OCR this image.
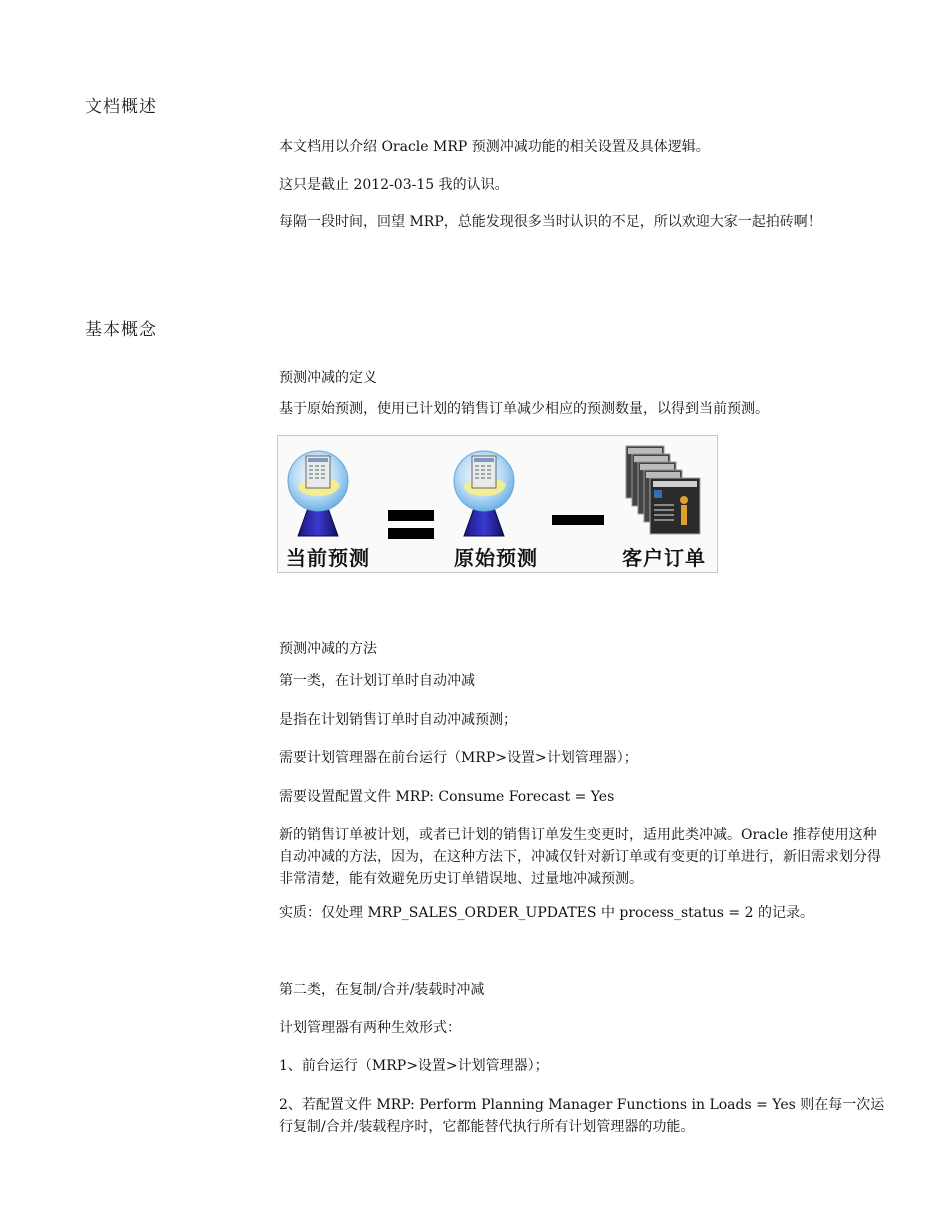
文档概述
本文档用以介绍 Oracle MRP 预测冲减功能的相关设置及具体逻辑。
这只是截止 2012-03-15 我的认识。
每隔一段时间，回望 MRP，总能发现很多当时认识的不足，所以欢迎大家一起拍砖啊！
基本概念
预测冲减的定义
基于原始预测，使用已计划的销售订单减少相应的预测数量，以得到当前预测。
当前预测	原始预测	客户订单
预测冲减的方法
第一类，在计划订单时自动冲减
是指在计划销售订单时自动冲减预测；
需要计划管理器在前台运行（MRP>设置>计划管理器）；
需要设置配置文件 MRP: Consume Forecast = Yes
新的销售订单被计划，或者已计划的销售订单发生变更时，适用此类冲减。Oracle 推荐使用这种自动冲减的方法，因为，在这种方法下，冲减仅针对新订单或有变更的订单进行，新旧需求划分得非常清楚，能有效避免历史订单错误地、过量地冲减预测。
实质：仅处理 MRP_SALES_ORDER_UPDATES 中 process_status = 2 的记录。
第二类，在复制/合并/装载时冲减
计划管理器有两种生效形式：
1、前台运行（MRP>设置>计划管理器）；
2、若配置文件 MRP: Perform Planning Manager Functions in Loads = Yes 则在每一次运行复制/合并/装载程序时，它都能替代执行所有计划管理器的功能。
